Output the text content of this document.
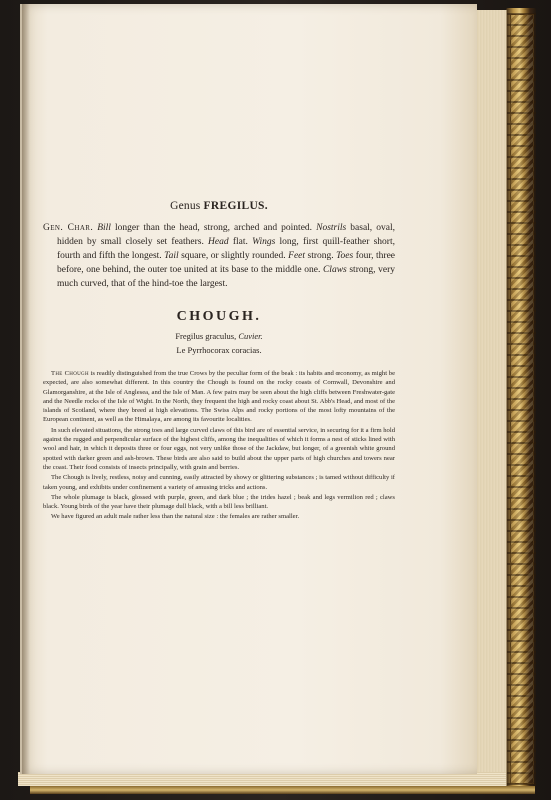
Genus FREGILUS.

Gen. Char. Bill longer than the head, strong, arched and pointed. Nostrils basal, oval, hidden by small closely set feathers. Head flat. Wings long, first quill-feather short, fourth and fifth the longest. Tail square, or slightly rounded. Feet strong. Toes four, three before, one behind, the outer toe united at its base to the middle one. Claws strong, very much curved, that of the hind-toe the largest.

CHOUGH.
Fregilus graculus, Cuvier.
Le Pyrrhocorax coracias.

The Chough is readily distinguished from the true Crows by the peculiar form of the beak : its habits and œconomy, as might be expected, are also somewhat different. In this country the Chough is found on the rocky coasts of Cornwall, Devonshire and Glamorganshire, at the Isle of Anglesea, and the Isle of Man. A few pairs may be seen about the high cliffs between Freshwater-gate and the Needle rocks of the Isle of Wight. In the North, they frequent the high and rocky coast about St. Abb's Head, and most of the islands of Scotland, where they breed at high elevations. The Swiss Alps and rocky portions of the most lofty mountains of the European continent, as well as the Himalaya, are among its favourite localities.

In such elevated situations, the strong toes and large curved claws of this bird are of essential service, in securing for it a firm hold against the rugged and perpendicular surface of the highest cliffs, among the inequalities of which it forms a nest of sticks lined with wool and hair, in which it deposits three or four eggs, not very unlike those of the Jackdaw, but longer, of a greenish white ground spotted with darker green and ash-brown. These birds are also said to build about the upper parts of high churches and towers near the coast. Their food consists of insects principally, with grain and berries.

The Chough is lively, restless, noisy and cunning, easily attracted by showy or glittering substances ; is tamed without difficulty if taken young, and exhibits under confinement a variety of amusing tricks and actions.

The whole plumage is black, glossed with purple, green, and dark blue ; the irides hazel ; beak and legs vermilion red ; claws black. Young birds of the year have their plumage dull black, with a bill less brilliant.

We have figured an adult male rather less than the natural size : the females are rather smaller.
